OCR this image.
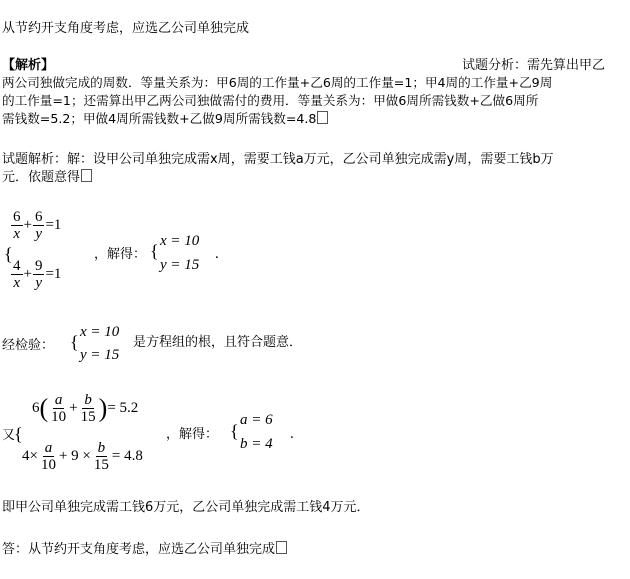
从节约开支角度考虑，应选乙公司单独完成
【解析】	试题分析：需先算出甲乙
两公司独做完成的周数．等量关系为：甲6周的工作量+乙6周的工作量=1；甲4周的工作量+乙9周
的工作量=1；还需算出甲乙两公司独做需付的费用．等量关系为：甲做6周所需钱数+乙做6周所
需钱数=5.2；甲做4周所需钱数+乙做9周所需钱数=4.8
试题解析：解：设甲公司单独完成需x周，需要工钱a万元，乙公司单独完成需y周，需要工钱b万
元．依题意得
{
$\frac{6}{x} + \frac{6}{y} =1$
$\frac{4}{x} + \frac{9}{y} =1$
，解得： { x = 10
y = 15
.
经检验： { x = 10
y = 15
是方程组的根，且符合题意．
又
{
$6( \frac{a}{10} + \frac{b}{15}$ )= 5.2
$4\times \frac{a}{10} + 9 \times \frac{b}{15} = 4.8$
，解得： {
a = 6
b = 4
.
即甲公司单独完成需工钱6万元，乙公司单独完成需工钱4万元．
答：从节约开支角度考虑，应选乙公司单独完成
